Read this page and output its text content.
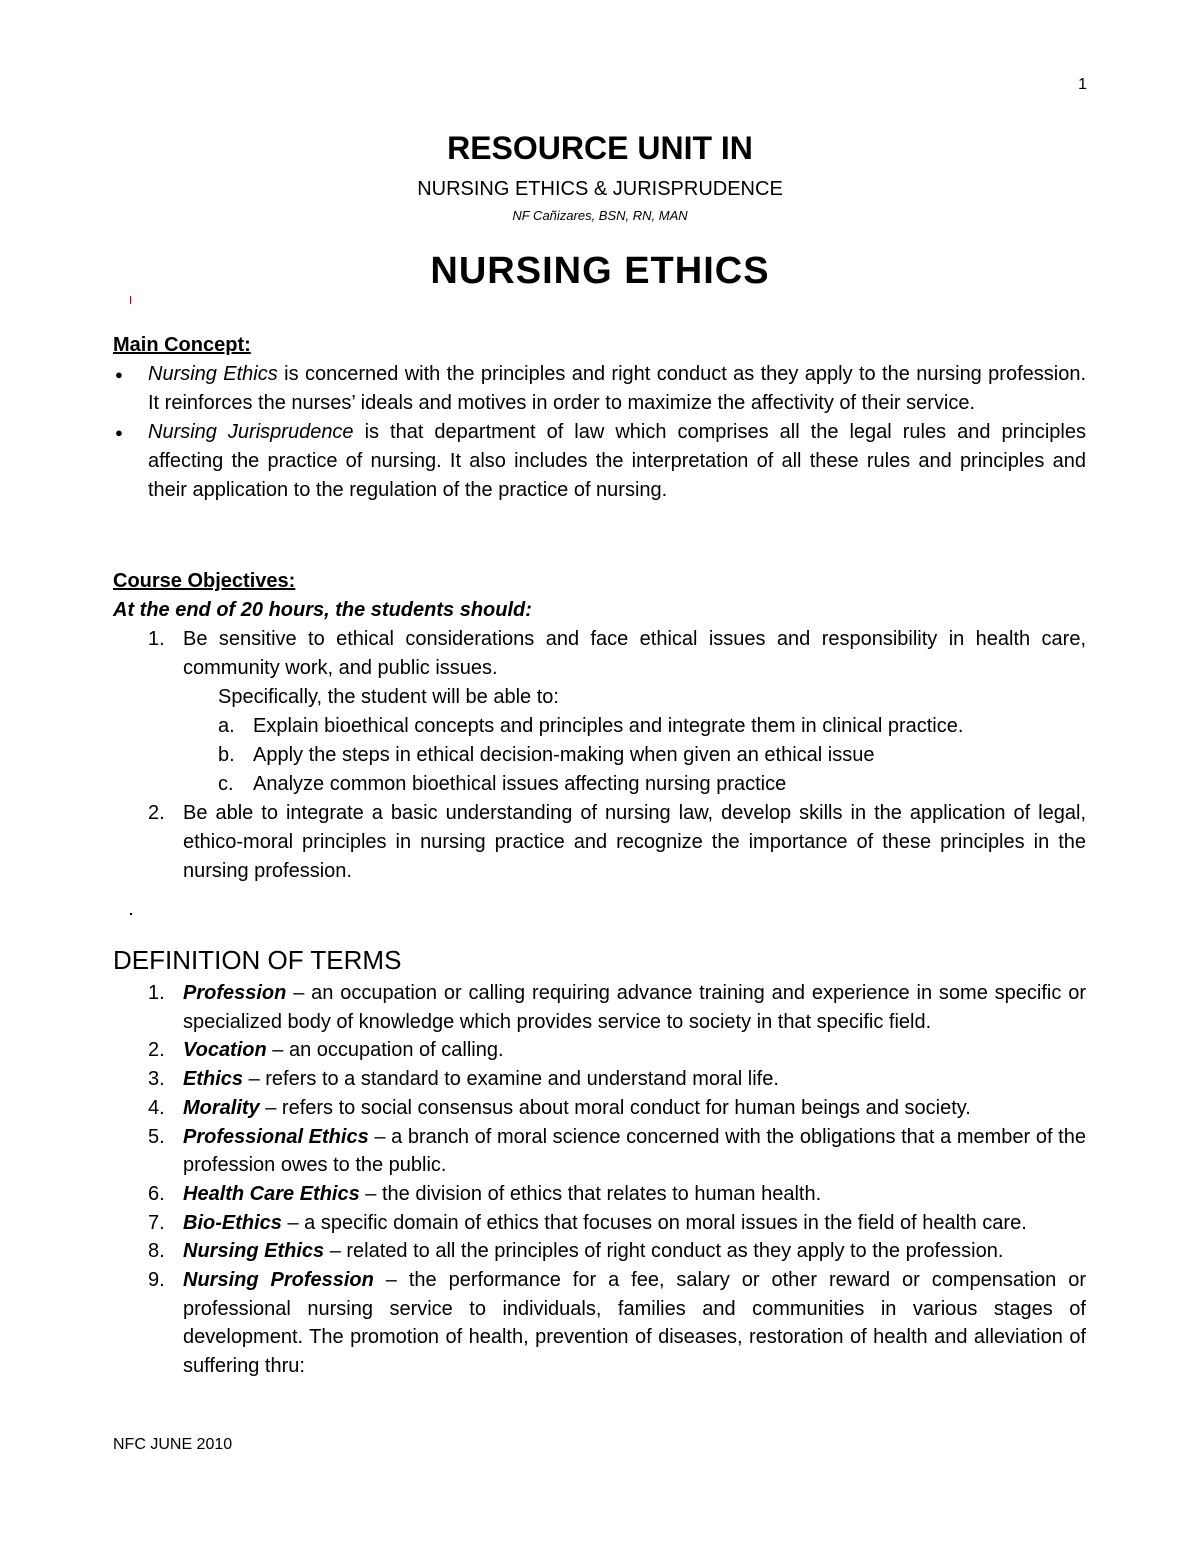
1
RESOURCE UNIT IN
NURSING ETHICS & JURISPRUDENCE
NF Cañizares, BSN, RN, MAN
NURSING ETHICS
Main Concept:
● Nursing Ethics is concerned with the principles and right conduct as they apply to the nursing profession. It reinforces the nurses’ ideals and motives in order to maximize the affectivity of their service.
● Nursing Jurisprudence is that department of law which comprises all the legal rules and principles affecting the practice of nursing. It also includes the interpretation of all these rules and principles and their application to the regulation of the practice of nursing.
Course Objectives:
At the end of 20 hours, the students should:
1. Be sensitive to ethical considerations and face ethical issues and responsibility in health care, community work, and public issues.
Specifically, the student will be able to:
a. Explain bioethical concepts and principles and integrate them in clinical practice.
b. Apply the steps in ethical decision-making when given an ethical issue
c. Analyze common bioethical issues affecting nursing practice
2. Be able to integrate a basic understanding of nursing law, develop skills in the application of legal, ethico-moral principles in nursing practice and recognize the importance of these principles in the nursing profession.
DEFINITION OF TERMS
1. Profession – an occupation or calling requiring advance training and experience in some specific or specialized body of knowledge which provides service to society in that specific field.
2. Vocation – an occupation of calling.
3. Ethics – refers to a standard to examine and understand moral life.
4. Morality – refers to social consensus about moral conduct for human beings and society.
5. Professional Ethics – a branch of moral science concerned with the obligations that a member of the profession owes to the public.
6. Health Care Ethics – the division of ethics that relates to human health.
7. Bio-Ethics – a specific domain of ethics that focuses on moral issues in the field of health care.
8. Nursing Ethics – related to all the principles of right conduct as they apply to the profession.
9. Nursing Profession – the performance for a fee, salary or other reward or compensation or professional nursing service to individuals, families and communities in various stages of development. The promotion of health, prevention of diseases, restoration of health and alleviation of suffering thru:
NFC JUNE 2010
